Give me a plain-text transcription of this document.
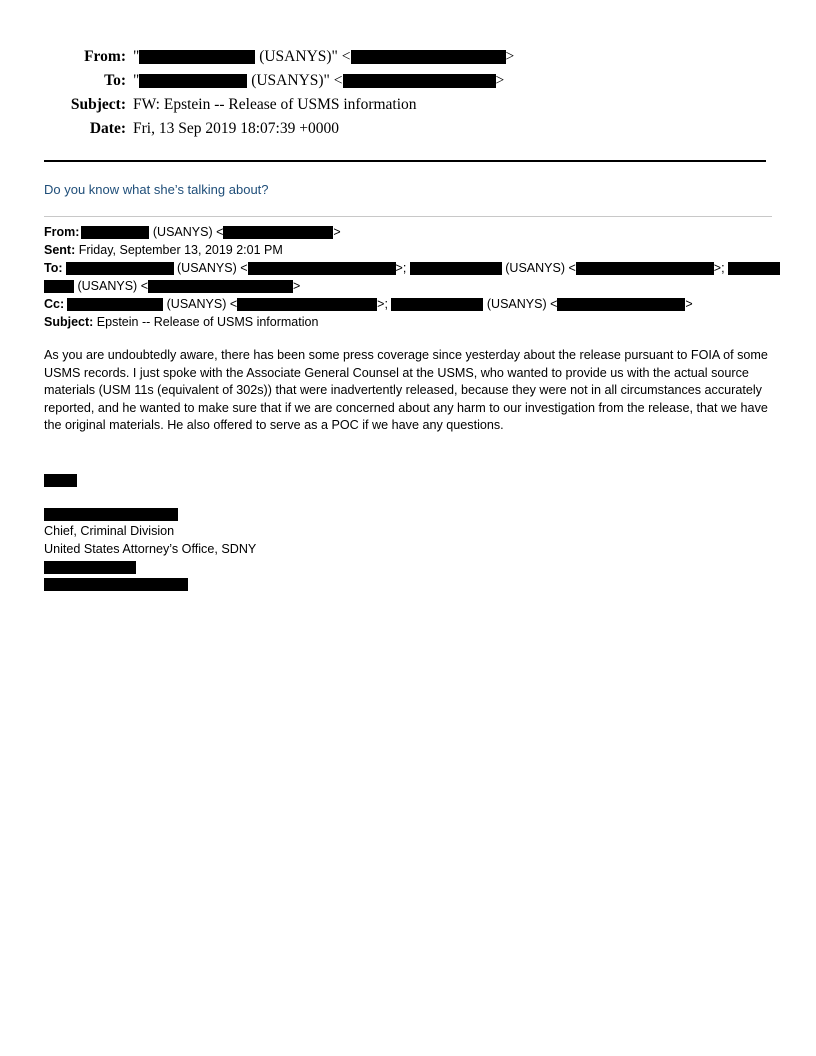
From: "	(USANYS)" <	>
To: "	(USANYS)" <	>
Subject: FW: Epstein -- Release of USMS information
Date: Fri, 13 Sep 2019 18:07:39 +0000
Do you know what she’s talking about?
From:	(USANYS) <	>
Sent: Friday, September 13, 2019 2:01 PM
To:	(USANYS) <	>;	(USANYS) <	>;
(USANYS) <	>
Cc:	(USANYS) <	>;	(USANYS) <	>
Subject: Epstein -- Release of USMS information
As you are undoubtedly aware, there has been some press coverage since yesterday about the release pursuant to FOIA of some USMS records. I just spoke with the Associate General Counsel at the USMS, who wanted to provide us with the actual source materials (USM 11s (equivalent of 302s)) that were inadvertently released, because they were not in all circumstances accurately reported, and he wanted to make sure that if we are concerned about any harm to our investigation from the release, that we have the original materials. He also offered to serve as a POC if we have any questions.
Chief, Criminal Division
United States Attorney’s Office, SDNY
